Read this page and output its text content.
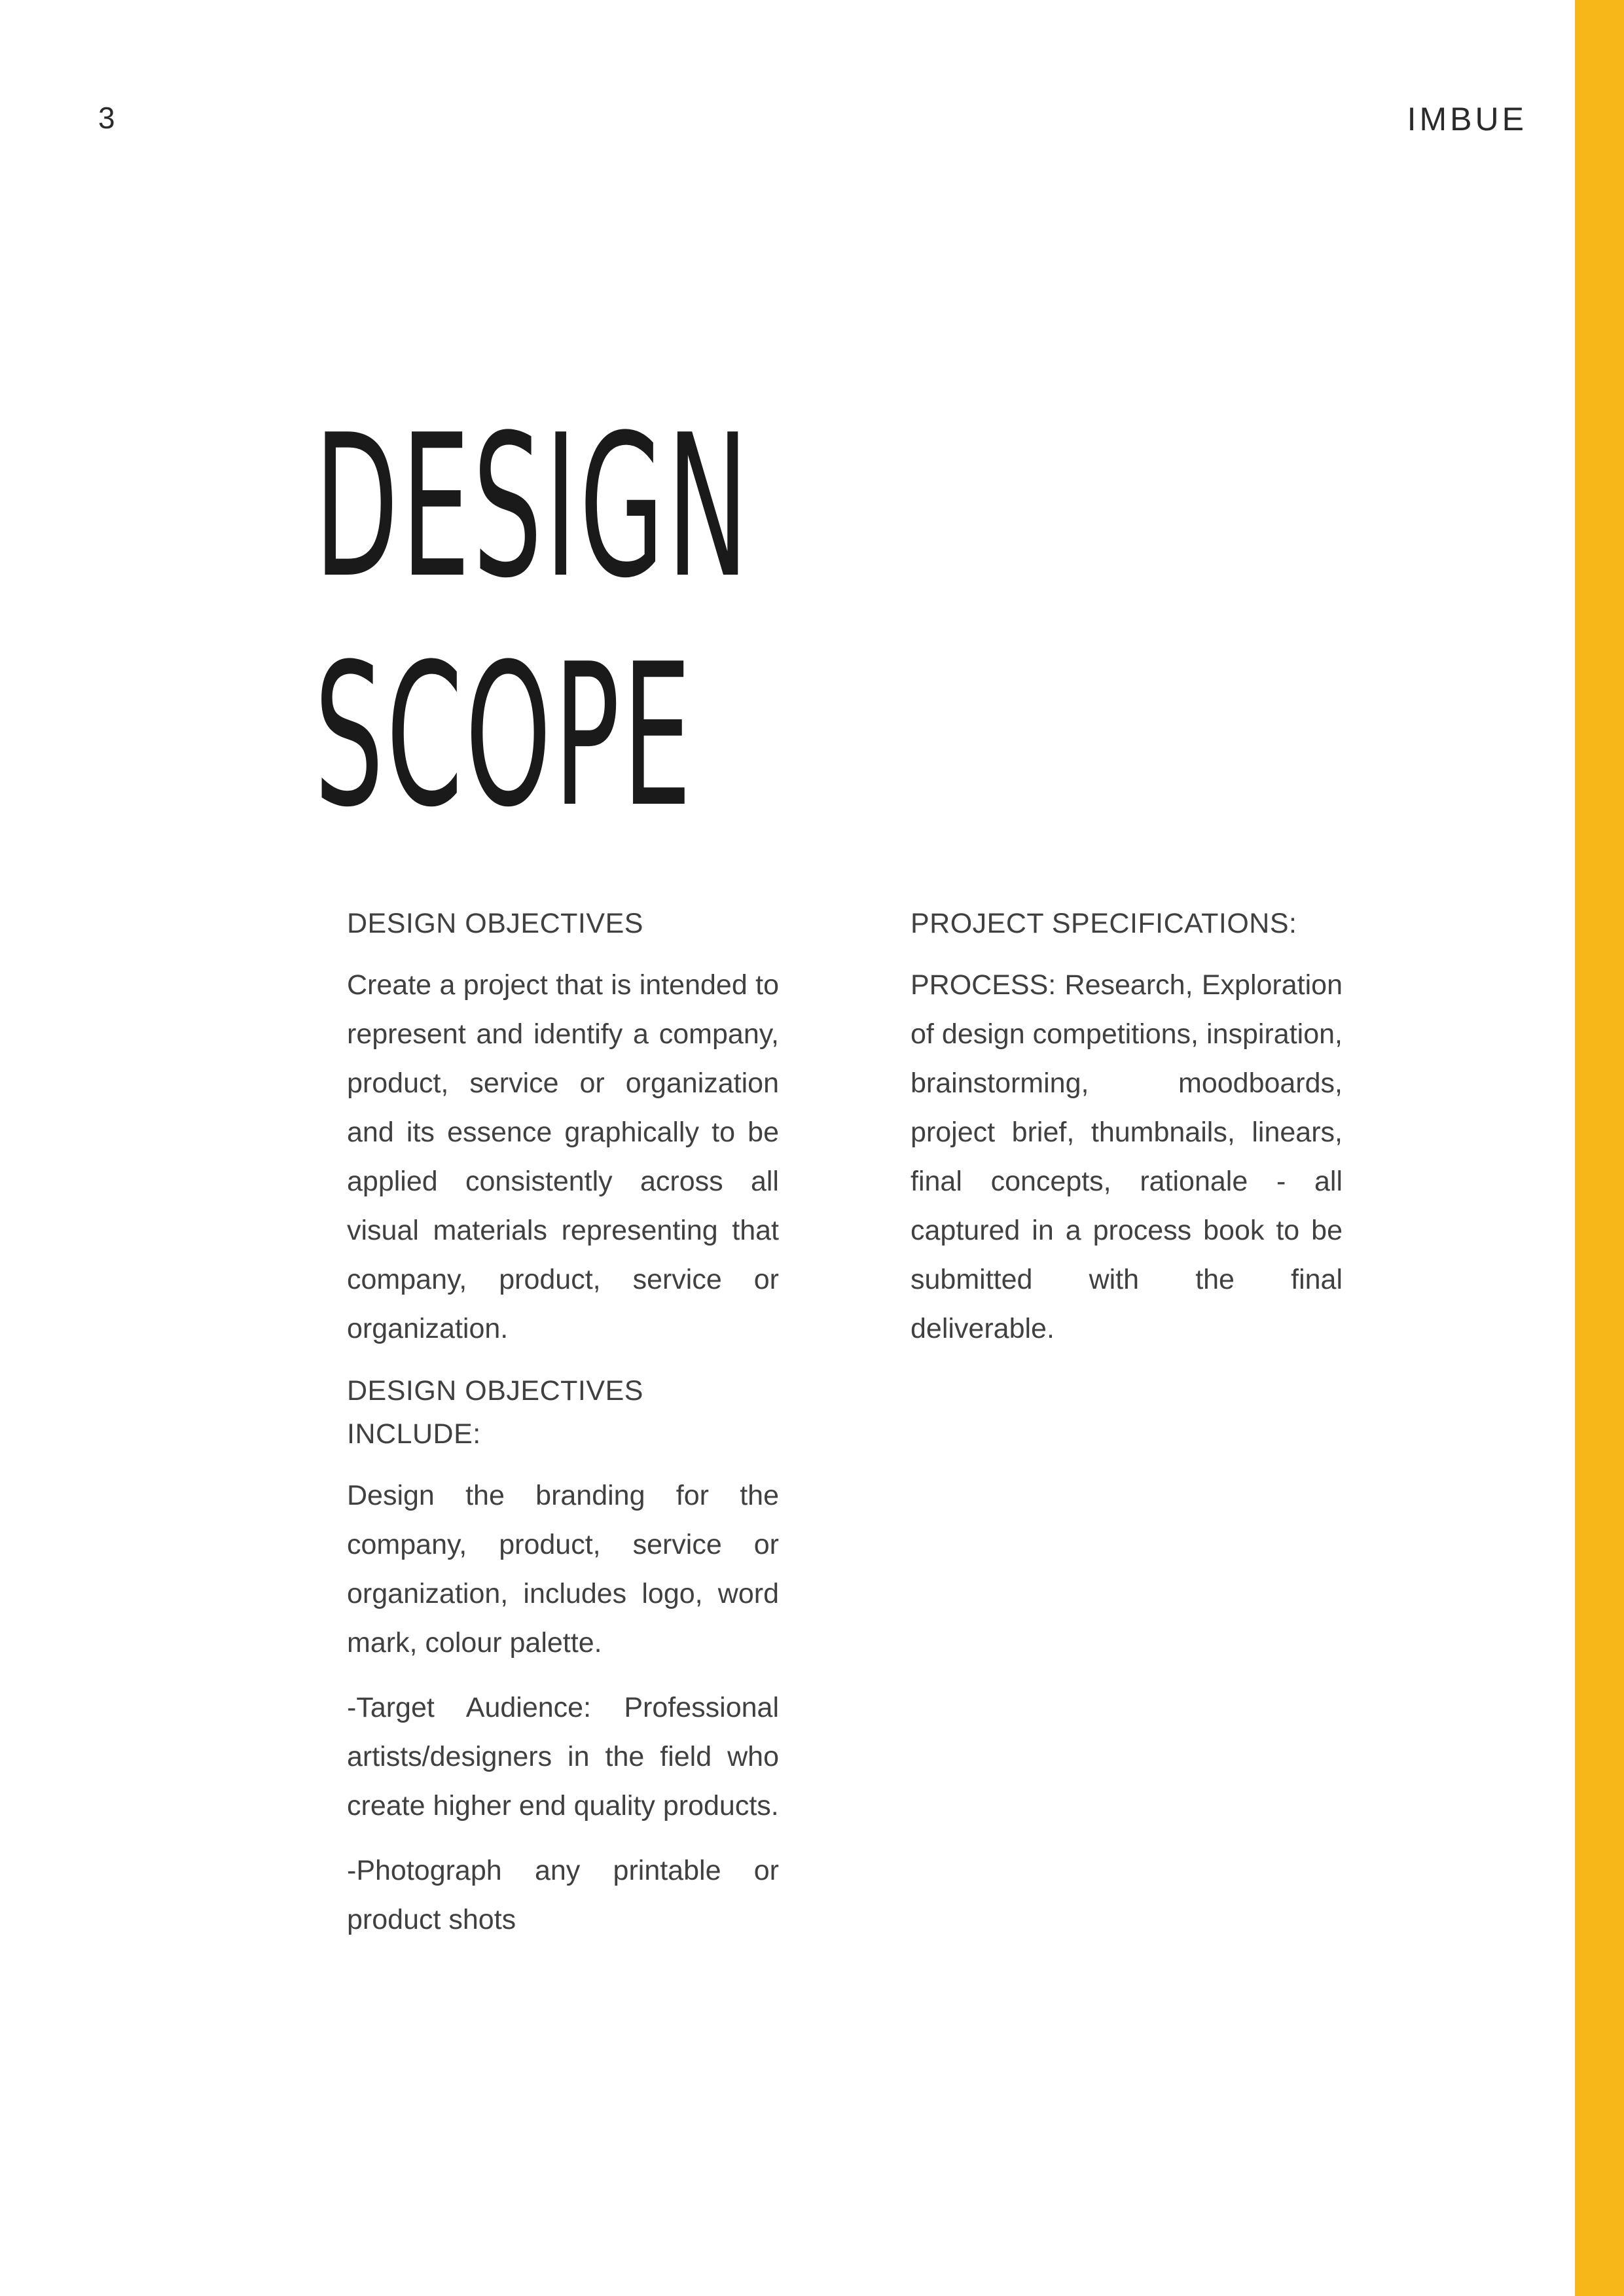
3	IMBUE
DESIGN
SCOPE
DESIGN OBJECTIVES

Create a project that is intended to represent and identify a company, product, service or organization and its essence graphically to be applied consistently across all visual materials representing that company, product, service or organization.

DESIGN OBJECTIVES INCLUDE:

Design the branding for the company, product, service or organization, includes logo, word mark, colour palette.

-Target Audience: Professional artists/designers in the field who create higher end quality products.

-Photograph any printable or product shots

PROJECT SPECIFICATIONS:

PROCESS: Research, Exploration of design competitions, inspiration, brainstorming, moodboards, project brief, thumbnails, linears, final concepts, rationale - all captured in a process book to be submitted with the final deliverable.
